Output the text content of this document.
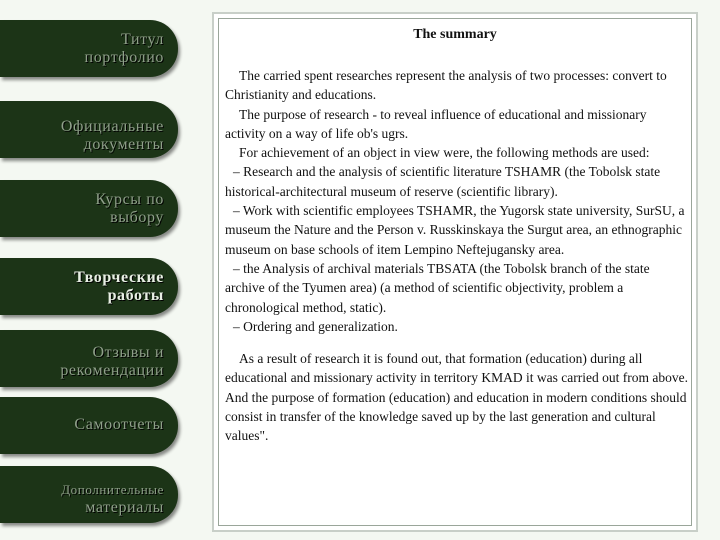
Титул
портфолио
Официальные
документы
Курсы по
выбору
Творческие
работы
Отзывы и
рекомендации
Самоотчеты
Дополнительные
материалы
The summary

The carried spent researches represent the analysis of two processes: convert to Christianity and educations.

The purpose of research - to reveal influence of educational and missionary activity on a way of life ob's ugrs.

For achievement of an object in view were, the following methods are used:

– Research and the analysis of scientific literature TSHAMR (the Tobolsk state historical-architectural museum of reserve (scientific library).

– Work with scientific employees TSHAMR, the Yugorsk state university, SurSU, a museum the Nature and the Person v. Russkinskaya the Surgut area, an ethnographic museum on base schools of item Lempino Neftejugansky area.

– the Analysis of archival materials TBSATA (the Tobolsk branch of the state archive of the Tyumen area) (a method of scientific objectivity, problem a chronological method, static).

– Ordering and generalization.

As a result of research it is found out, that formation (education) during all educational and missionary activity in territory KMAD it was carried out from above. And the purpose of formation (education) and education in modern conditions should consist in transfer of the knowledge saved up by the last generation and cultural values".
